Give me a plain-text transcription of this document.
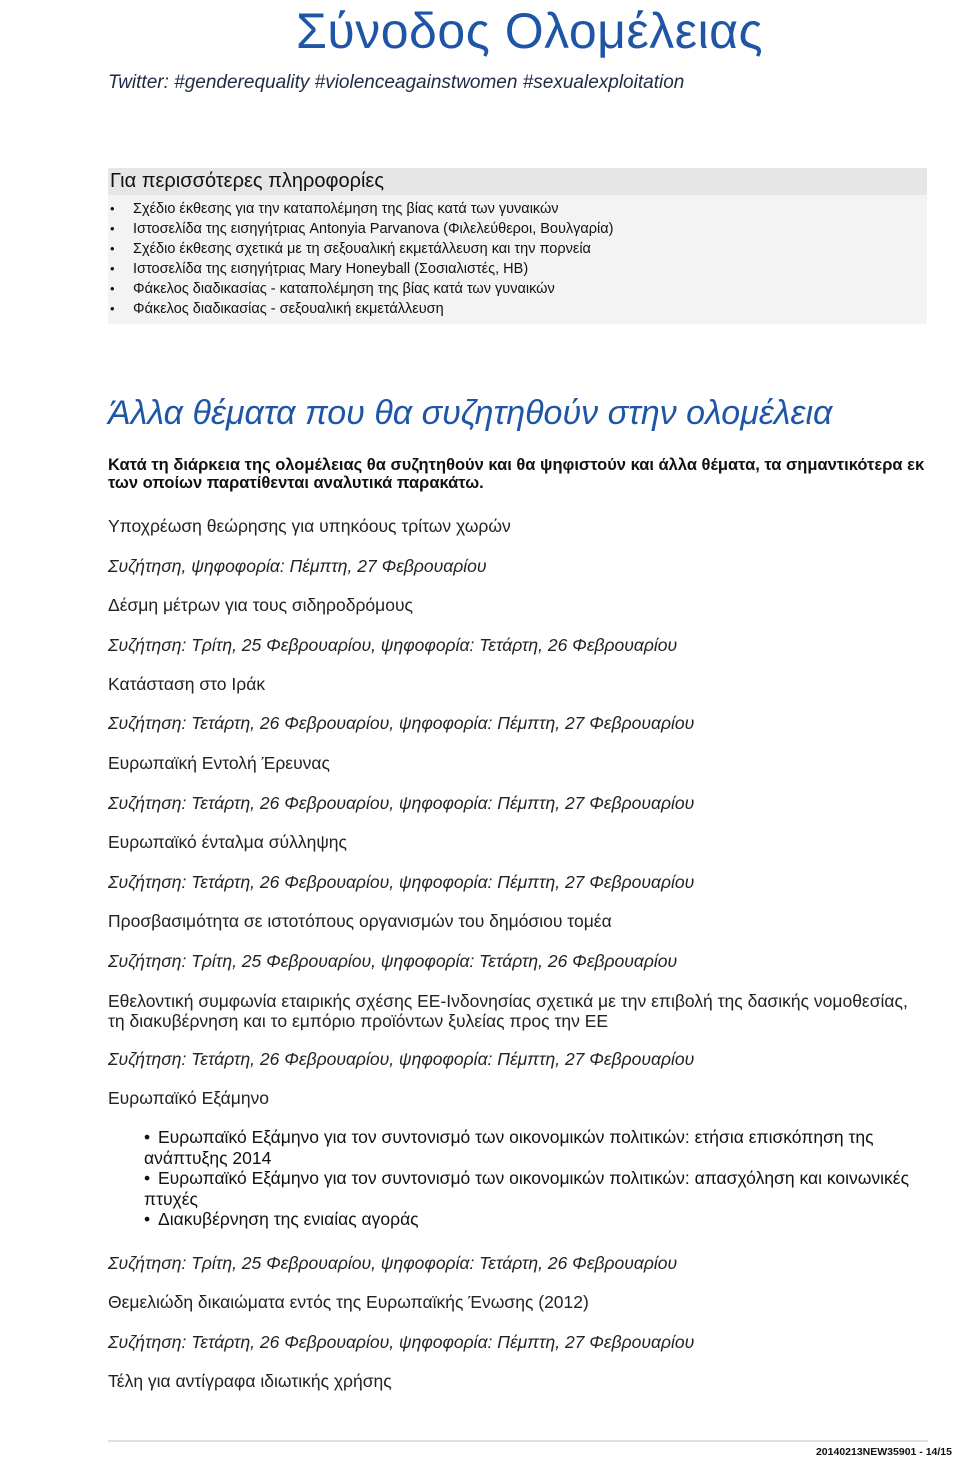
Σύνοδος Ολομέλειας
Twitter: #genderequality #violenceagainstwomen #sexualexploitation
Για περισσότερες πληροφορίες
• Σχέδιο έκθεσης για την καταπολέμηση της βίας κατά των γυναικών
• Ιστοσελίδα της εισηγήτριας Antonyia Parvanova (Φιλελεύθεροι, Βουλγαρία)
• Σχέδιο έκθεσης σχετικά με τη σεξουαλική εκμετάλλευση και την πορνεία
• Ιστοσελίδα της εισηγήτριας Mary Honeyball (Σοσιαλιστές, ΗΒ)
• Φάκελος διαδικασίας - καταπολέμηση της βίας κατά των γυναικών
• Φάκελος διαδικασίας - σεξουαλική εκμετάλλευση
Άλλα θέματα που θα συζητηθούν στην ολομέλεια

Κατά τη διάρκεια της ολομέλειας θα συζητηθούν και θα ψηφιστούν και άλλα θέματα, τα σημαντικότερα εκ των οποίων παρατίθενται αναλυτικά παρακάτω.

Υποχρέωση θεώρησης για υπηκόους τρίτων χωρών
Συζήτηση, ψηφοφορία: Πέμπτη, 27 Φεβρουαρίου
Δέσμη μέτρων για τους σιδηροδρόμους
Συζήτηση: Τρίτη, 25 Φεβρουαρίου, ψηφοφορία: Τετάρτη, 26 Φεβρουαρίου
Κατάσταση στο Ιράκ
Συζήτηση: Τετάρτη, 26 Φεβρουαρίου, ψηφοφορία: Πέμπτη, 27 Φεβρουαρίου
Ευρωπαϊκή Εντολή Έρευνας
Συζήτηση: Τετάρτη, 26 Φεβρουαρίου, ψηφοφορία: Πέμπτη, 27 Φεβρουαρίου
Ευρωπαϊκό ένταλμα σύλληψης
Συζήτηση: Τετάρτη, 26 Φεβρουαρίου, ψηφοφορία: Πέμπτη, 27 Φεβρουαρίου
Προσβασιμότητα σε ιστοτόπους οργανισμών του δημόσιου τομέα
Συζήτηση: Τρίτη, 25 Φεβρουαρίου, ψηφοφορία: Τετάρτη, 26 Φεβρουαρίου
Εθελοντική συμφωνία εταιρικής σχέσης ΕΕ-Ινδονησίας σχετικά με την επιβολή της δασικής νομοθεσίας, τη διακυβέρνηση και το εμπόριο προϊόντων ξυλείας προς την ΕΕ
Συζήτηση: Τετάρτη, 26 Φεβρουαρίου, ψηφοφορία: Πέμπτη, 27 Φεβρουαρίου
Ευρωπαϊκό Εξάμηνο
Συζήτηση: Τρίτη, 25 Φεβρουαρίου, ψηφοφορία: Τετάρτη, 26 Φεβρουαρίου
Θεμελιώδη δικαιώματα εντός της Ευρωπαϊκής Ένωσης (2012)
Συζήτηση: Τετάρτη, 26 Φεβρουαρίου, ψηφοφορία: Πέμπτη, 27 Φεβρουαρίου
Τέλη για αντίγραφα ιδιωτικής χρήσης
• Ευρωπαϊκό Εξάμηνο για τον συντονισμό των οικονομικών πολιτικών: ετήσια επισκόπηση της ανάπτυξης 2014
• Ευρωπαϊκό Εξάμηνο για τον συντονισμό των οικονομικών πολιτικών: απασχόληση και κοινωνικές πτυχές
• Διακυβέρνηση της ενιαίας αγοράς
20140213NEW35901 - 14/15
